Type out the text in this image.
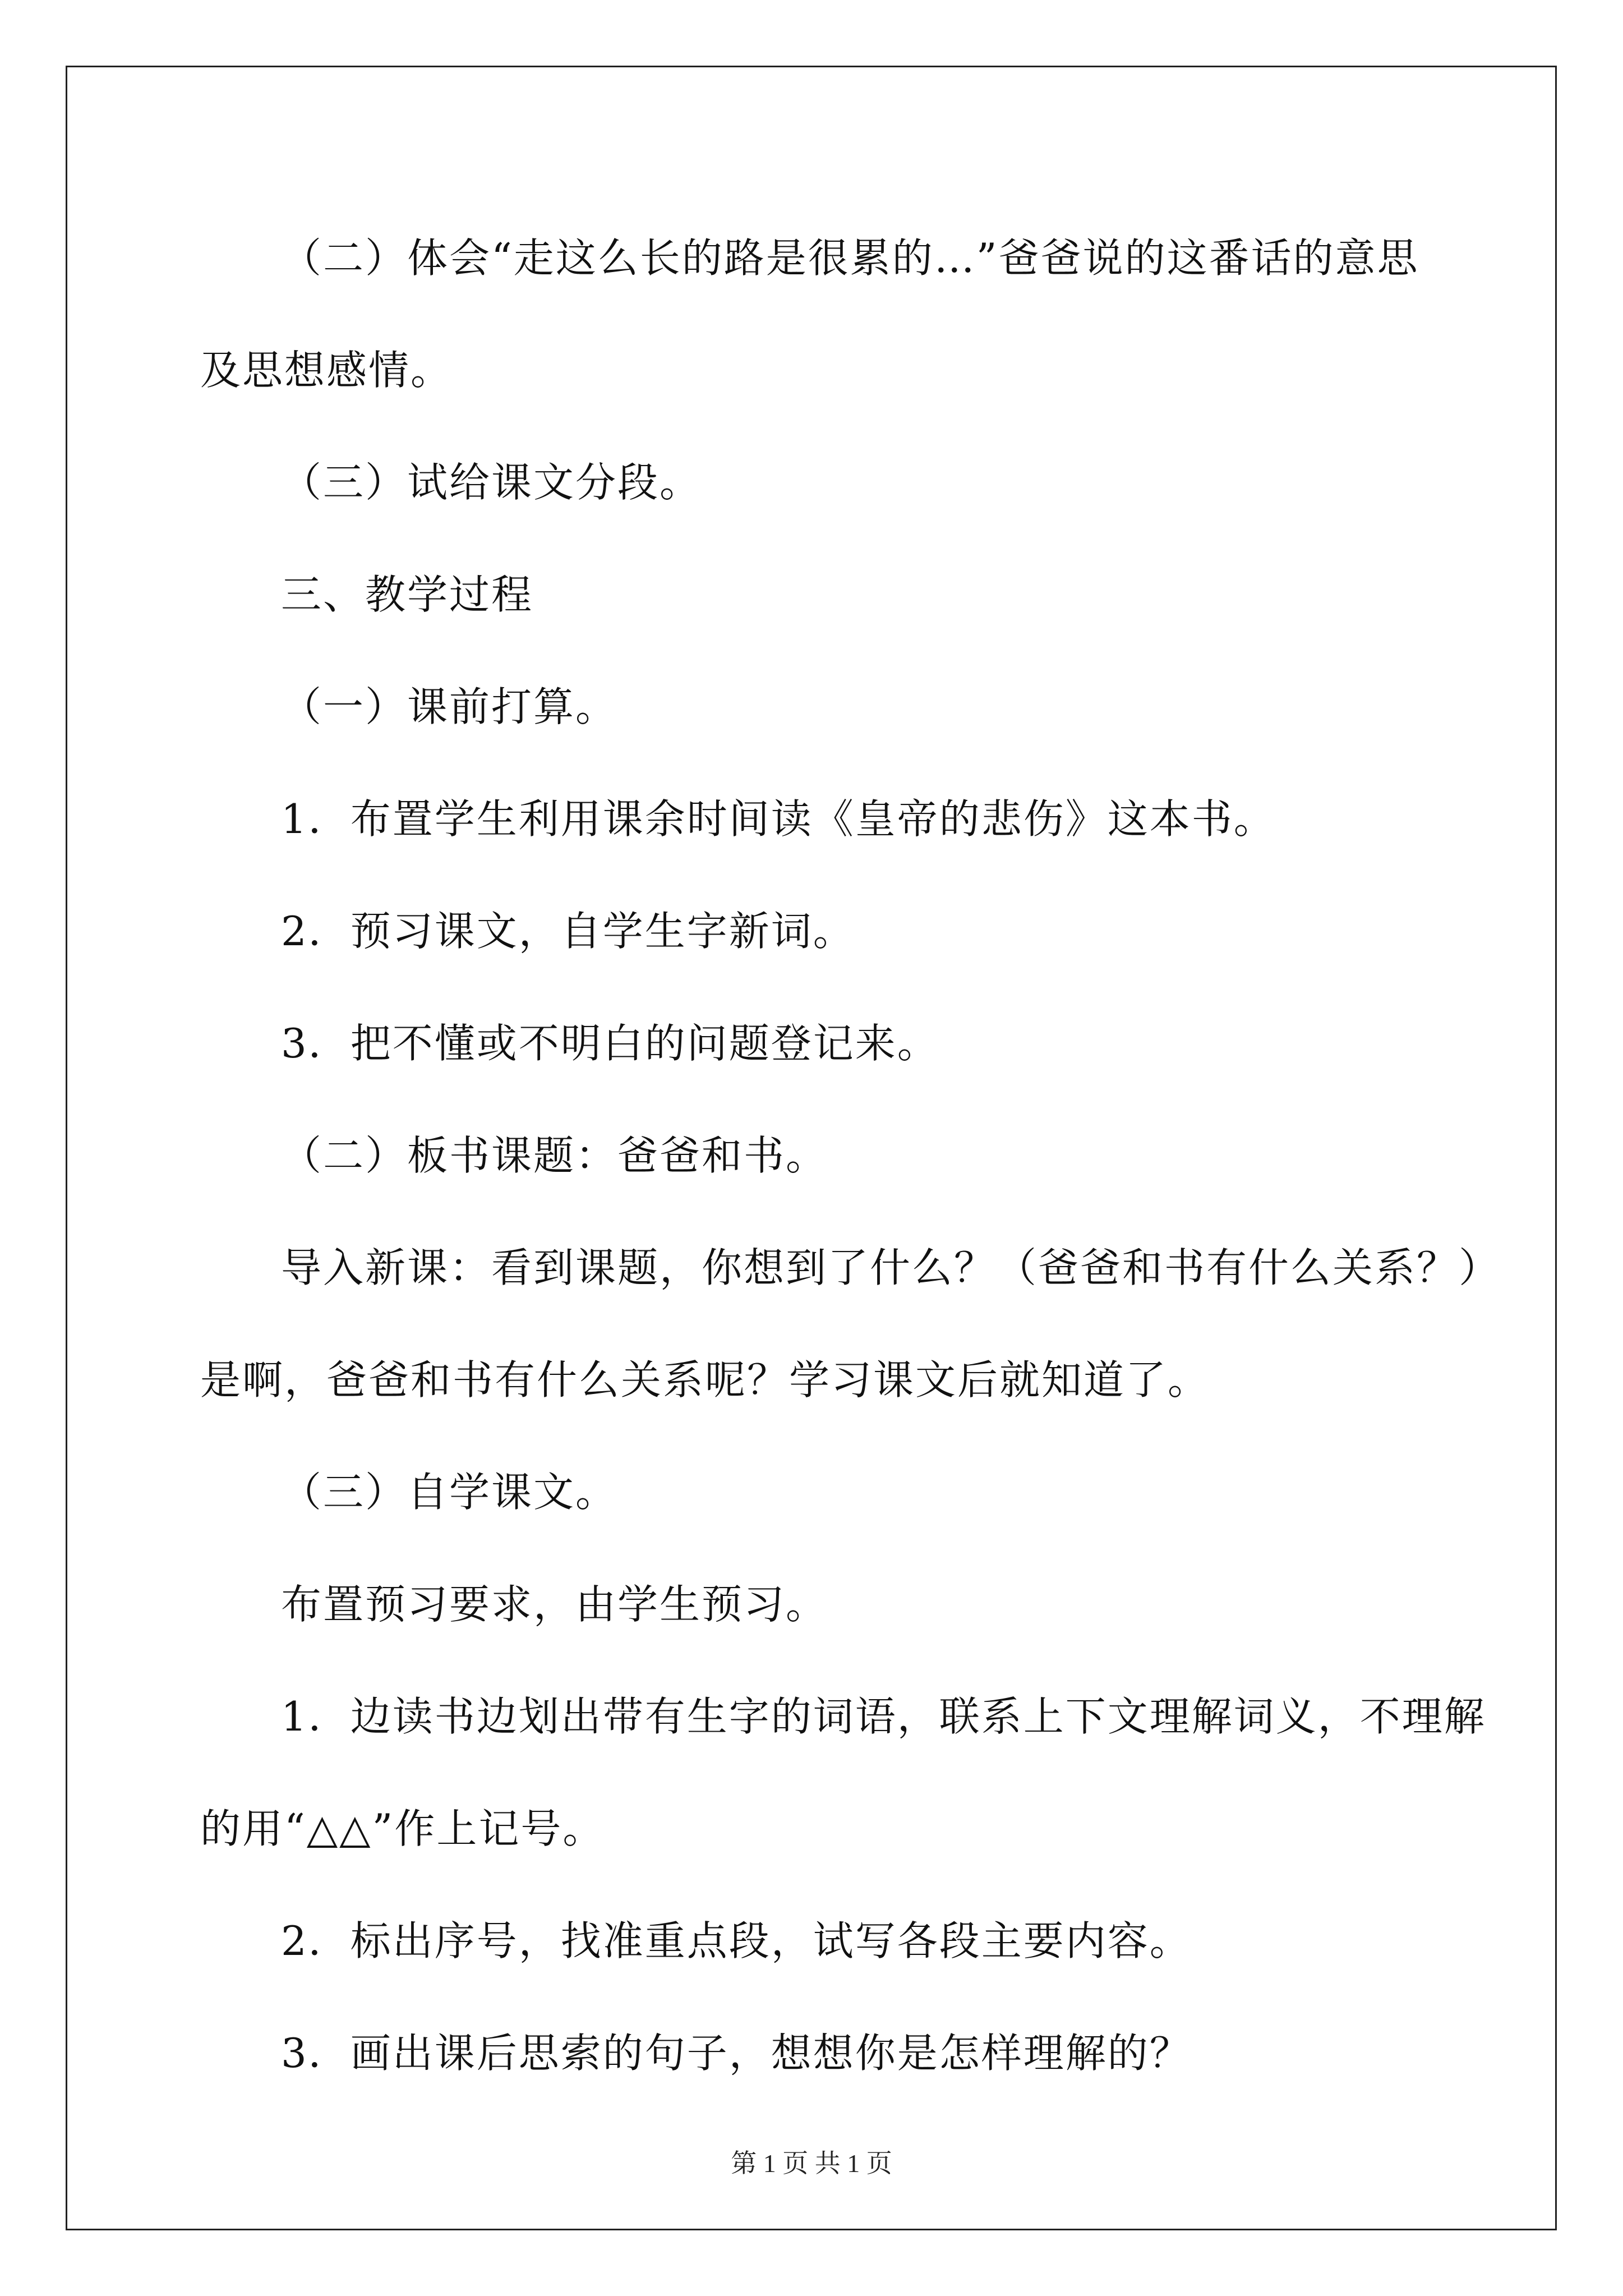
（二）体会“走这么长的路是很累的…”爸爸说的这番话的意思
及思想感情。
（三）试给课文分段。
三、教学过程
（一）课前打算。
1．布置学生利用课余时间读《皇帝的悲伤》这本书。
2．预习课文，自学生字新词。
3．把不懂或不明白的问题登记来。
（二）板书课题：爸爸和书。
导入新课：看到课题，你想到了什么？（爸爸和书有什么关系？）
是啊，爸爸和书有什么关系呢？学习课文后就知道了。
（三）自学课文。
布置预习要求，由学生预习。
1．边读书边划出带有生字的词语，联系上下文理解词义，不理解
的用“△△”作上记号。
2．标出序号，找准重点段，试写各段主要内容。
3．画出课后思索的句子，想想你是怎样理解的？
第 1 页 共 1 页
